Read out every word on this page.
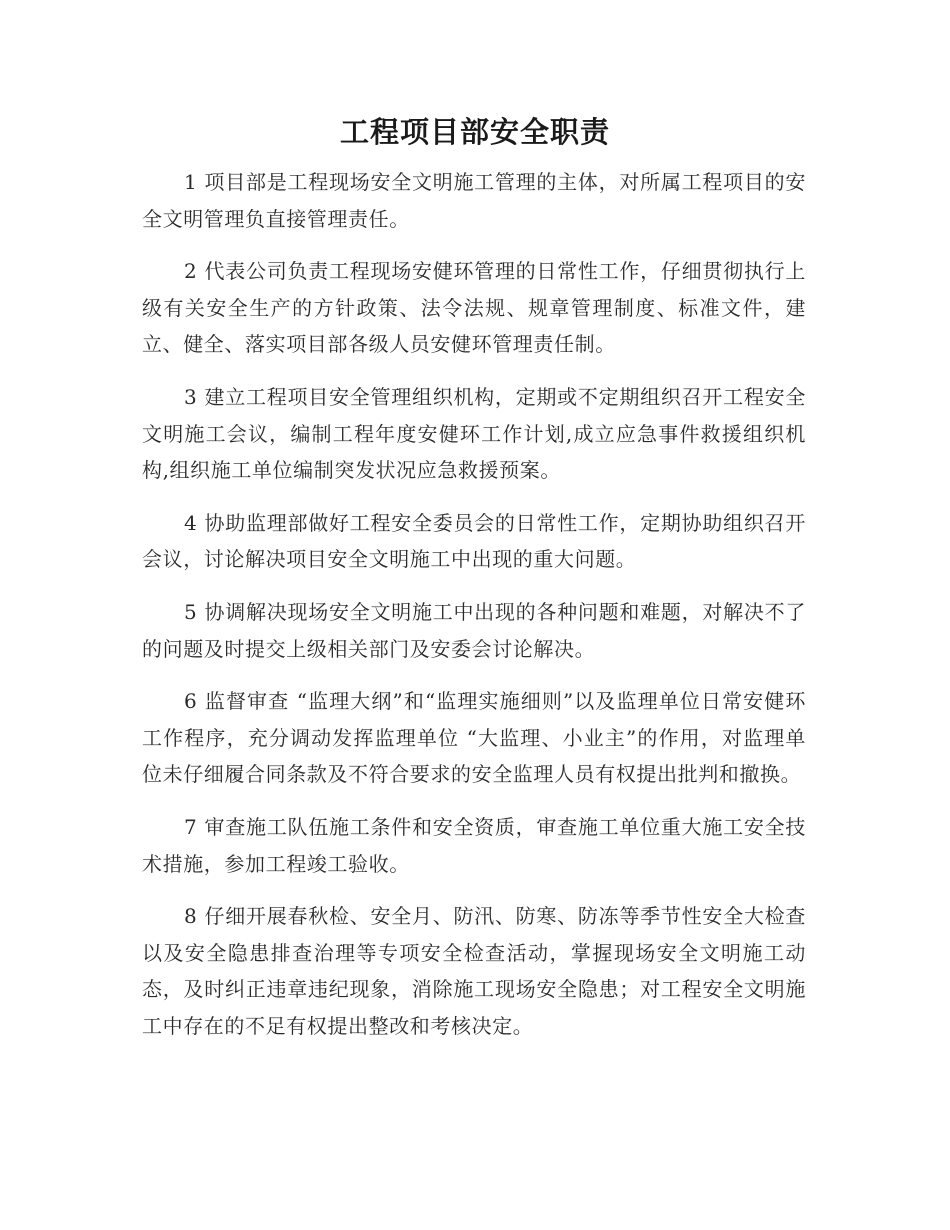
工程项目部安全职责

1 项目部是工程现场安全文明施工管理的主体，对所属工程项目的安全文明管理负直接管理责任。

2 代表公司负责工程现场安健环管理的日常性工作，仔细贯彻执行上级有关安全生产的方针政策、法令法规、规章管理制度、标准文件，建立、健全、落实项目部各级人员安健环管理责任制。

3 建立工程项目安全管理组织机构，定期或不定期组织召开工程安全文明施工会议，编制工程年度安健环工作计划,成立应急事件救援组织机构,组织施工单位编制突发状况应急救援预案。

4 协助监理部做好工程安全委员会的日常性工作，定期协助组织召开会议，讨论解决项目安全文明施工中出现的重大问题。

5 协调解决现场安全文明施工中出现的各种问题和难题，对解决不了的问题及时提交上级相关部门及安委会讨论解决。

6 监督审查 “监理大纲”和“监理实施细则”以及监理单位日常安健环工作程序，充分调动发挥监理单位 “大监理、小业主”的作用，对监理单位未仔细履合同条款及不符合要求的安全监理人员有权提出批判和撤换。

7 审查施工队伍施工条件和安全资质，审查施工单位重大施工安全技术措施，参加工程竣工验收。

8 仔细开展春秋检、安全月、防汛、防寒、防冻等季节性安全大检查以及安全隐患排查治理等专项安全检查活动，掌握现场安全文明施工动态，及时纠正违章违纪现象，消除施工现场安全隐患；对工程安全文明施工中存在的不足有权提出整改和考核决定。
